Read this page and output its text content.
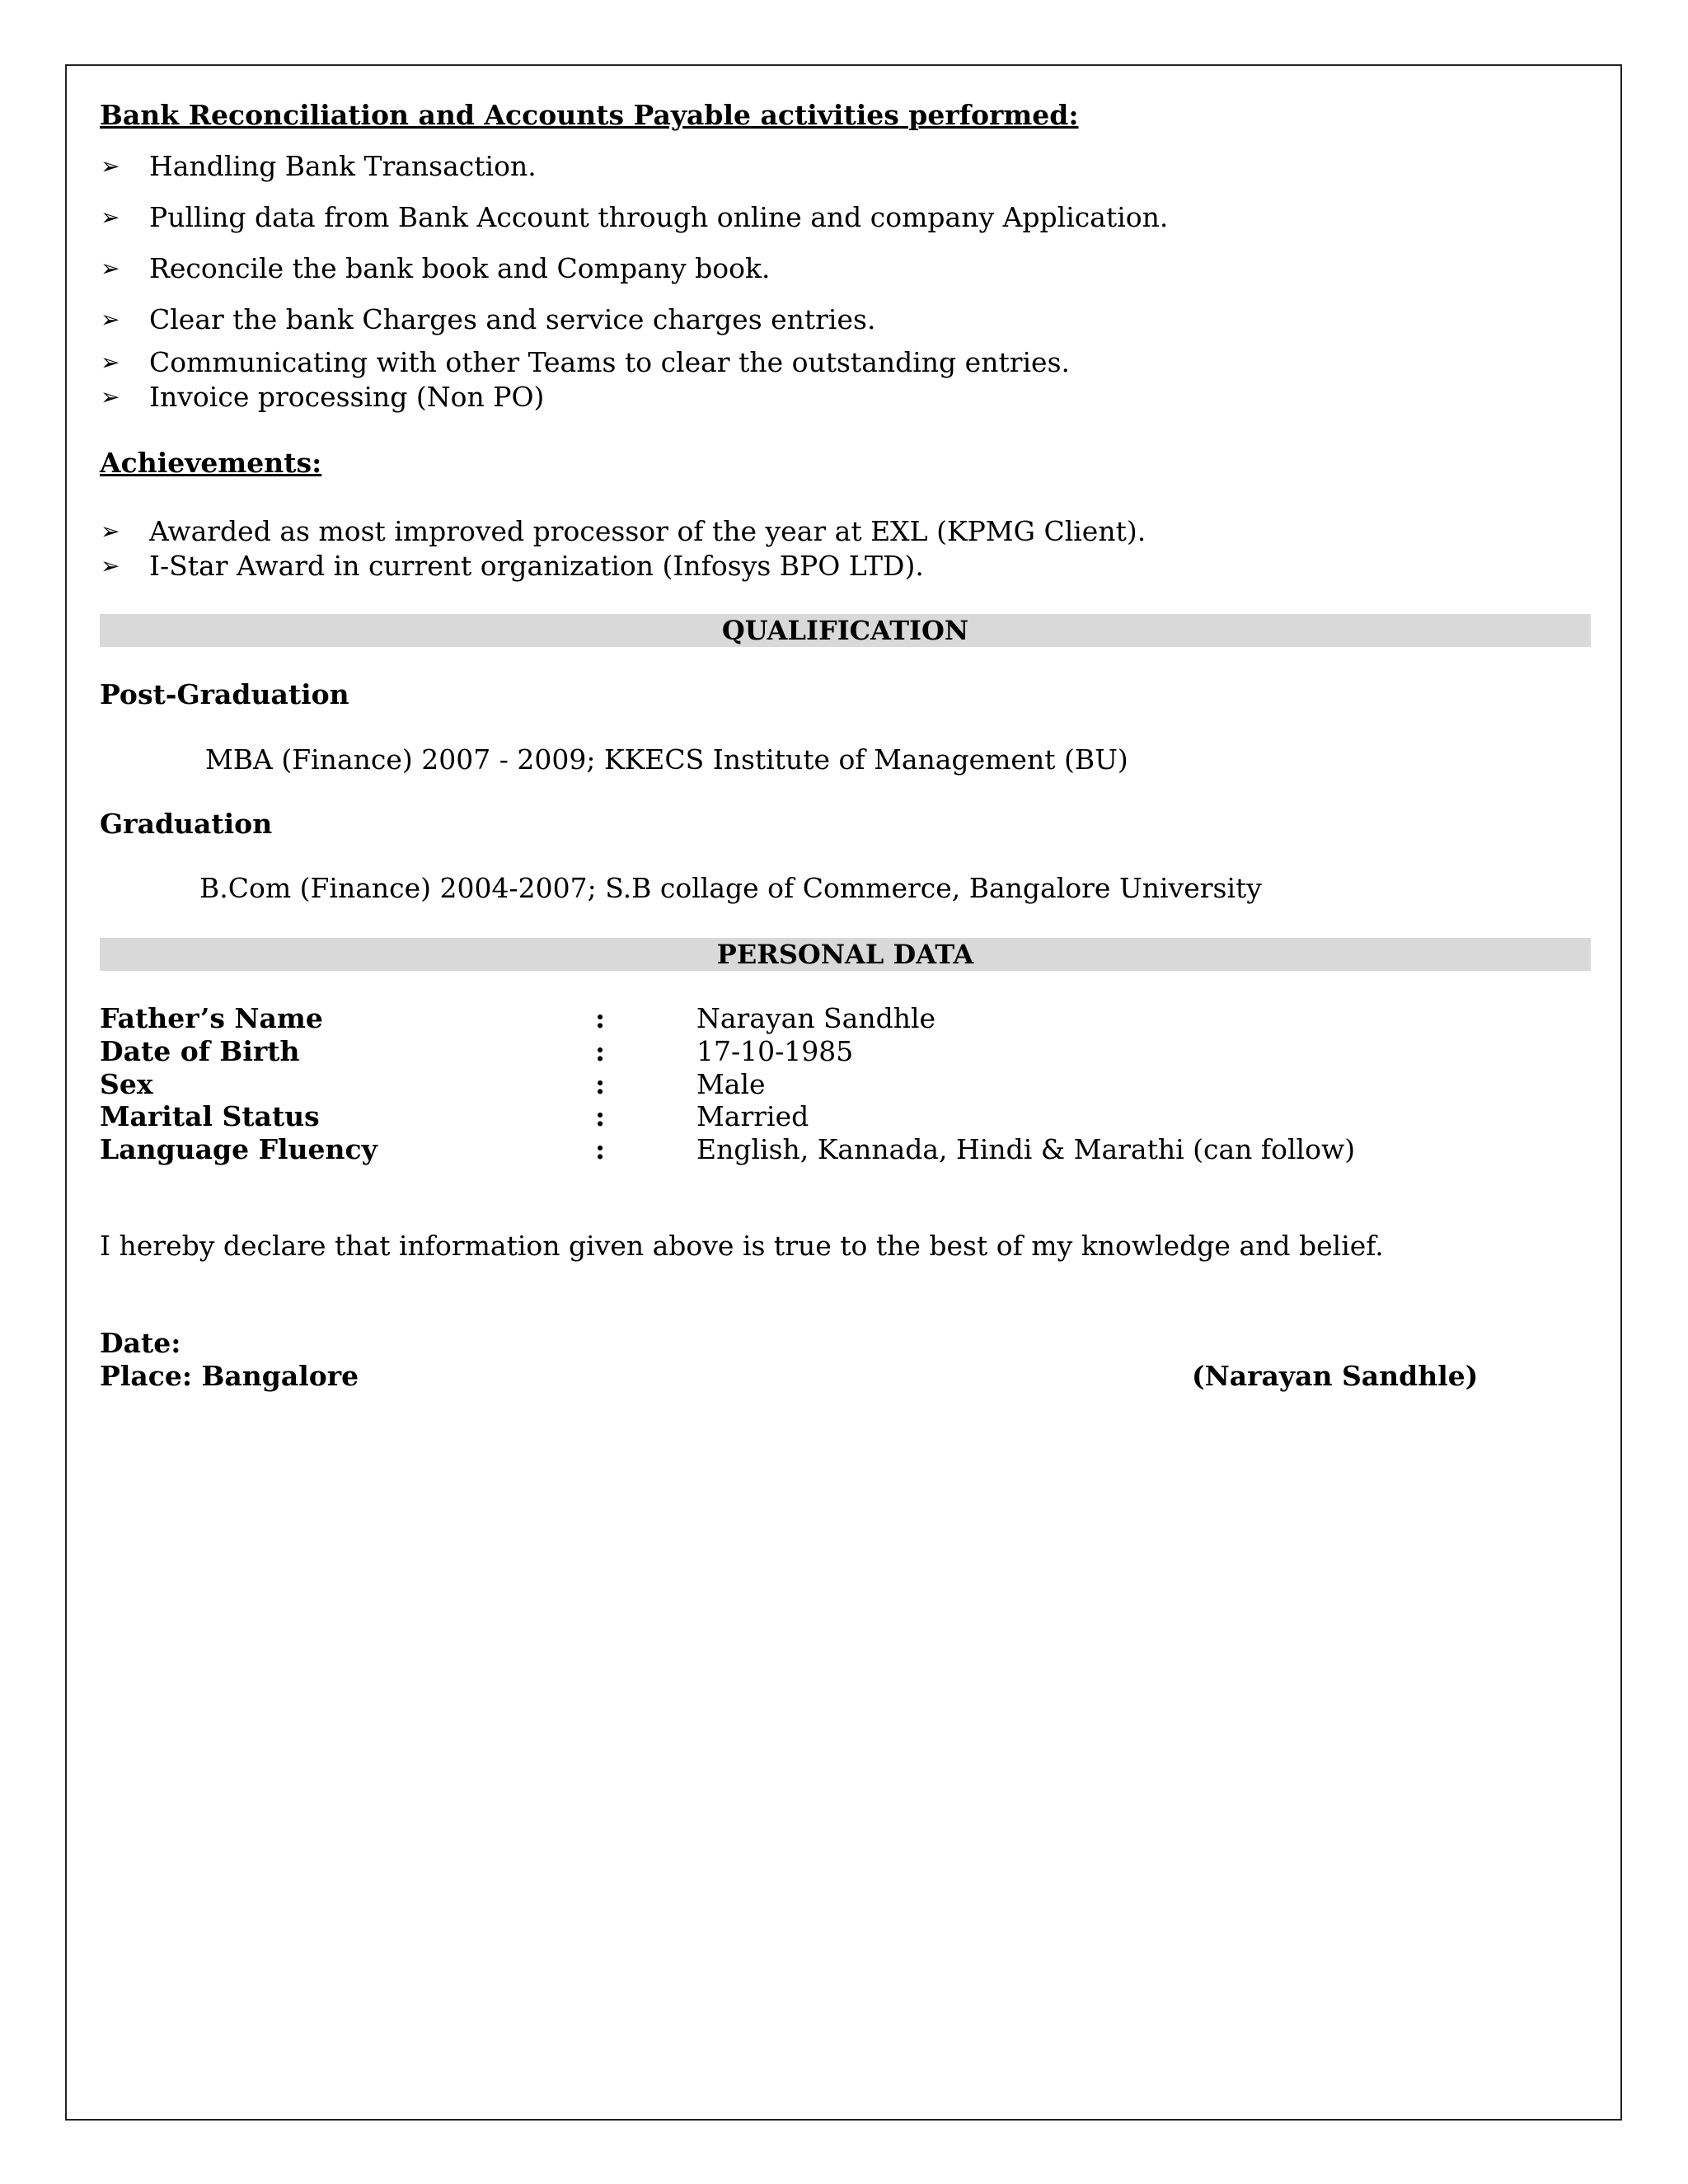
Bank Reconciliation and Accounts Payable activities performed:
➢ Handling Bank Transaction.
➢ Pulling data from Bank Account through online and company Application.
➢ Reconcile the bank book and Company book.
➢ Clear the bank Charges and service charges entries.
➢ Communicating with other Teams to clear the outstanding entries.
➢ Invoice processing (Non PO)
Achievements:
➢ Awarded as most improved processor of the year at EXL (KPMG Client).
➢ I-Star Award in current organization (Infosys BPO LTD).
QUALIFICATION
Post-Graduation
MBA (Finance) 2007 - 2009; KKECS Institute of Management (BU)
Graduation
B.Com (Finance) 2004-2007; S.B collage of Commerce, Bangalore University
PERSONAL DATA
Father’s Name	:	Narayan Sandhle
Date of Birth	:	17-10-1985
Sex	:	Male
Marital Status	:	Married
Language Fluency	:	English, Kannada, Hindi & Marathi (can follow)
I hereby declare that information given above is true to the best of my knowledge and belief.
Date:
Place: Bangalore	(Narayan Sandhle)
